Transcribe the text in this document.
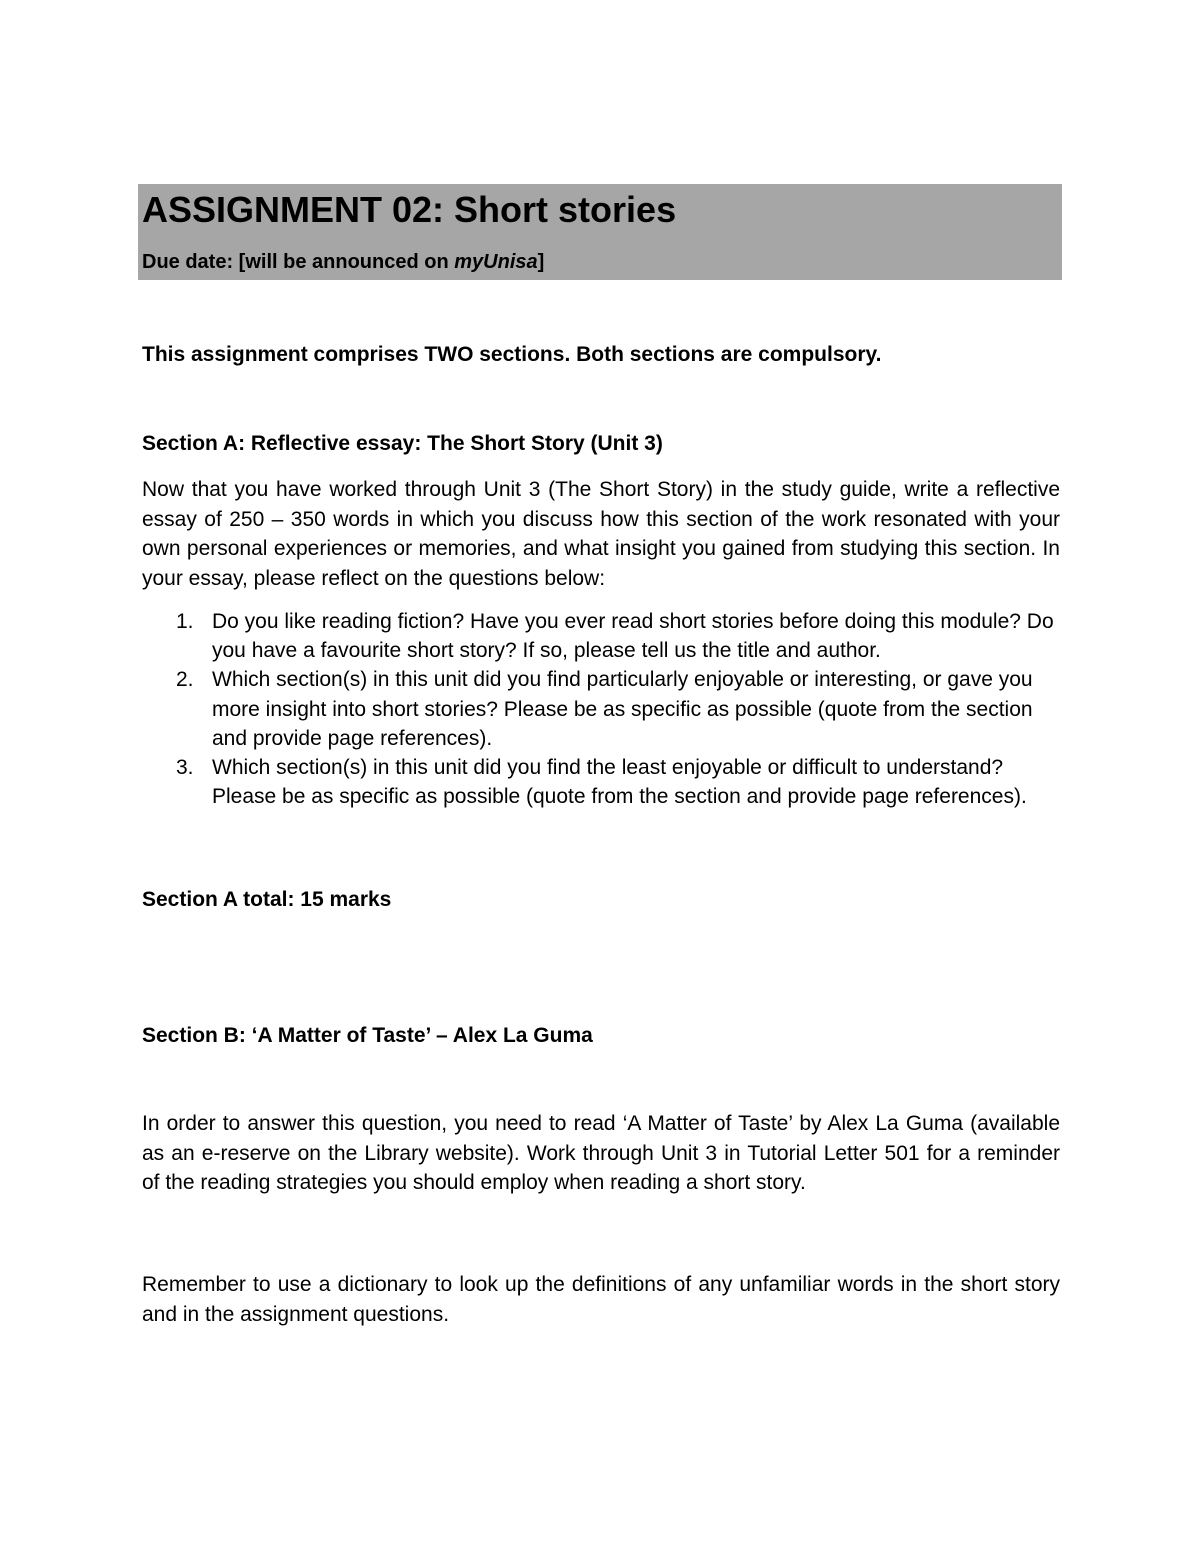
ASSIGNMENT 02: Short stories
Due date: [will be announced on myUnisa]
This assignment comprises TWO sections. Both sections are compulsory.
Section A: Reflective essay: The Short Story (Unit 3)
Now that you have worked through Unit 3 (The Short Story) in the study guide, write a reflective essay of 250 – 350 words in which you discuss how this section of the work resonated with your own personal experiences or memories, and what insight you gained from studying this section. In your essay, please reflect on the questions below:
1. Do you like reading fiction? Have you ever read short stories before doing this module? Do you have a favourite short story? If so, please tell us the title and author.
2. Which section(s) in this unit did you find particularly enjoyable or interesting, or gave you more insight into short stories? Please be as specific as possible (quote from the section and provide page references).
3. Which section(s) in this unit did you find the least enjoyable or difficult to understand? Please be as specific as possible (quote from the section and provide page references).
Section A total: 15 marks
Section B: ‘A Matter of Taste’ – Alex La Guma
In order to answer this question, you need to read ‘A Matter of Taste’ by Alex La Guma (available as an e-reserve on the Library website). Work through Unit 3 in Tutorial Letter 501 for a reminder of the reading strategies you should employ when reading a short story.
Remember to use a dictionary to look up the definitions of any unfamiliar words in the short story and in the assignment questions.
